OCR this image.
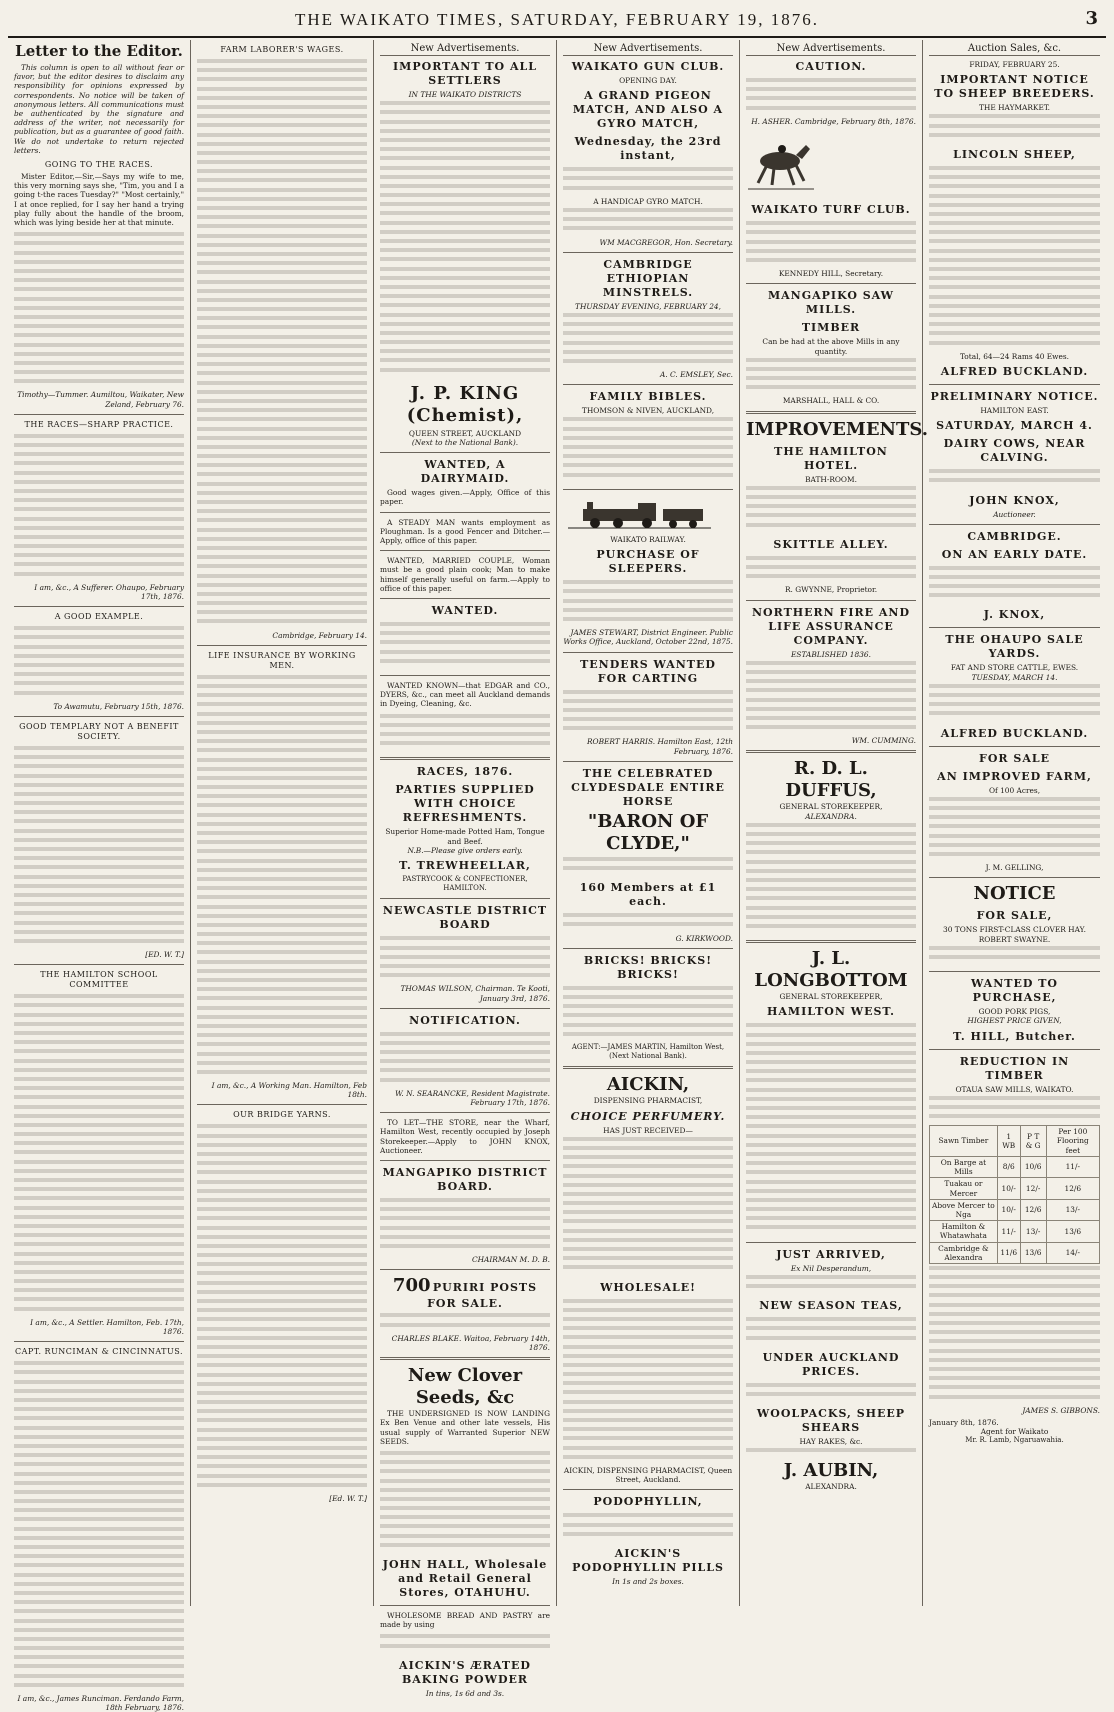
THE WAIKATO TIMES, SATURDAY, FEBRUARY 19, 1876.	3
Letter to the Editor.

This column is open to all without fear or favor, but the editor desires to disclaim any responsibility for opinions expressed by correspondents. No notice will be taken of anonymous letters. All communications must be authenticated by the signature and address of the writer, not necessarily for publication, but as a guarantee of good faith. We do not undertake to return rejected letters.

GOING TO THE RACES.

Mister Editor,—Sir,—Says my wife to me, this very morning says she, "Tim, you and I a going t-the races Tuesday?" "Most certainly," I at once replied, for I say her hand a trying play fully about the handle of the broom, which was lying beside her at that minute.

Timothy—Tummer. Aumiltou, Waikater, New Zeland, February 76.
THE RACES—SHARP PRACTICE.
I am, &c., A Sufferer. Ohaupo, February 17th, 1876.
A GOOD EXAMPLE.
To Awamutu, February 15th, 1876.
GOOD TEMPLARY NOT A BENEFIT SOCIETY.
[ED. W. T.]
THE HAMILTON SCHOOL COMMITTEE
I am, &c., A Settler. Hamilton, Feb. 17th, 1876.
CAPT. RUNCIMAN & CINCINNATUS.
I am, &c., James Runciman. Ferdando Farm, 18th February, 1876.
FARM LABORER'S WAGES.
Cambridge, February 14.
LIFE INSURANCE BY WORKING MEN.
I am, &c., A Working Man. Hamilton, Feb 18th.
OUR BRIDGE YARNS.
[Ed. W. T.]
New Advertisements.
IMPORTANT TO ALL SETTLERS
IN THE WAIKATO DISTRICTS
J. P. KING (Chemist),
QUEEN STREET, AUCKLAND
(Next to the National Bank).
WANTED, A DAIRYMAID.

Good wages given.—Apply, Office of this paper.

A STEADY MAN wants employment as Ploughman. Is a good Fencer and Ditcher.—Apply, office of this paper.

WANTED, MARRIED COUPLE, Woman must be a good plain cook; Man to make himself generally useful on farm.—Apply to office of this paper.

WANTED.

WANTED KNOWN—that EDGAR and CO., DYERS, &c., can meet all Auckland demands in Dyeing, Cleaning, &c.

RACES, 1876.
PARTIES SUPPLIED WITH CHOICE REFRESHMENTS.
Superior Home-made Potted Ham, Tongue and Beef.
N.B.—Please give orders early.
T. TREWHEELLAR,
PASTRYCOOK & CONFECTIONER, HAMILTON.
NEWCASTLE DISTRICT BOARD
THOMAS WILSON, Chairman. Te Kooti, January 3rd, 1876.
NOTIFICATION.
W. N. SEARANCKE, Resident Magistrate. February 17th, 1876.

TO LET—THE STORE, near the Wharf, Hamilton West, recently occupied by Joseph Storekeeper.—Apply to JOHN KNOX, Auctioneer.

MANGAPIKO DISTRICT BOARD.
CHAIRMAN M. D. B.
700 PURIRI POSTS FOR SALE.
CHARLES BLAKE. Waitoa, February 14th, 1876.
New Clover Seeds, &c

THE UNDERSIGNED IS NOW LANDING Ex Ben Venue and other late vessels, His usual supply of Warranted Superior NEW SEEDS.

JOHN HALL, Wholesale and Retail General Stores, OTAHUHU.

WHOLESOME BREAD AND PASTRY are made by using

AICKIN'S ÆRATED BAKING POWDER
In tins, 1s 6d and 3s.
New Advertisements.
WAIKATO GUN CLUB.
OPENING DAY.
A GRAND PIGEON MATCH, AND ALSO A GYRO MATCH,
Wednesday, the 23rd instant,
A HANDICAP GYRO MATCH.
WM MACGREGOR, Hon. Secretary.
CAMBRIDGE ETHIOPIAN MINSTRELS.
THURSDAY EVENING, FEBRUARY 24,
A. C. EMSLEY, Sec.
FAMILY BIBLES.
THOMSON & NIVEN, AUCKLAND,
WAIKATO RAILWAY.
PURCHASE OF SLEEPERS.
JAMES STEWART, District Engineer. Public Works Office, Auckland, October 22nd, 1875.
TENDERS WANTED FOR CARTING
ROBERT HARRIS. Hamilton East, 12th February, 1876.
THE CELEBRATED CLYDESDALE ENTIRE HORSE
"BARON OF CLYDE,"
160 Members at £1 each.
G. KIRKWOOD.
BRICKS! BRICKS! BRICKS!
AGENT:—JAMES MARTIN, Hamilton West, (Next National Bank).
AICKIN,
DISPENSING PHARMACIST,
CHOICE PERFUMERY.
HAS JUST RECEIVED—
WHOLESALE!
AICKIN, DISPENSING PHARMACIST, Queen Street, Auckland.
PODOPHYLLIN,
AICKIN'S PODOPHYLLIN PILLS
In 1s and 2s boxes.
New Advertisements.
CAUTION.
H. ASHER. Cambridge, February 8th, 1876.
WAIKATO TURF CLUB.
KENNEDY HILL, Secretary.
MANGAPIKO SAW MILLS.
TIMBER
Can be had at the above Mills in any quantity.
MARSHALL, HALL & CO.
IMPROVEMENTS.
THE HAMILTON HOTEL.
BATH-ROOM.
SKITTLE ALLEY.
R. GWYNNE, Proprietor.
NORTHERN FIRE AND LIFE ASSURANCE COMPANY.
ESTABLISHED 1836.
WM. CUMMING.
R. D. L. DUFFUS,
GENERAL STOREKEEPER,
ALEXANDRA.
J. L. LONGBOTTOM
GENERAL STOREKEEPER,
HAMILTON WEST.
JUST ARRIVED,
Ex Nil Desperandum,
NEW SEASON TEAS,
UNDER AUCKLAND PRICES.
WOOLPACKS, SHEEP SHEARS
HAY RAKES, &c.
J. AUBIN,
ALEXANDRA.
Auction Sales, &c.
FRIDAY, FEBRUARY 25.
IMPORTANT NOTICE TO SHEEP BREEDERS.
THE HAYMARKET.
LINCOLN SHEEP,
Total, 64—24 Rams 40 Ewes.
ALFRED BUCKLAND.
PRELIMINARY NOTICE.
HAMILTON EAST.
SATURDAY, MARCH 4.
DAIRY COWS, NEAR CALVING.
JOHN KNOX,
Auctioneer.
CAMBRIDGE.
ON AN EARLY DATE.
J. KNOX,
THE OHAUPO SALE YARDS.
FAT AND STORE CATTLE, EWES.
TUESDAY, MARCH 14.
ALFRED BUCKLAND.
FOR SALE
AN IMPROVED FARM,
Of 100 Acres,
J. M. GELLING,
NOTICE
FOR SALE,
30 TONS FIRST-CLASS CLOVER HAY.
ROBERT SWAYNE.
WANTED TO PURCHASE,
GOOD PORK PIGS,
HIGHEST PRICE GIVEN,
T. HILL, Butcher.
REDUCTION IN TIMBER
OTAUA SAW MILLS, WAIKATO.
Sawn Timber	1 WB	P T & G	Per 100 Flooring feet
On Barge at Mills	8/6	10/6	11/-
Tuakau or Mercer	10/-	12/-	12/6
Above Mercer to Nga	10/-	12/6	13/-
Hamilton & Whatawhata	11/-	13/-	13/6
Cambridge & Alexandra	11/6	13/6	14/-
JAMES S. GIBBONS.
January 8th, 1876.
Agent for Waikato
Mr. R. Lamb, Ngaruawahia.
